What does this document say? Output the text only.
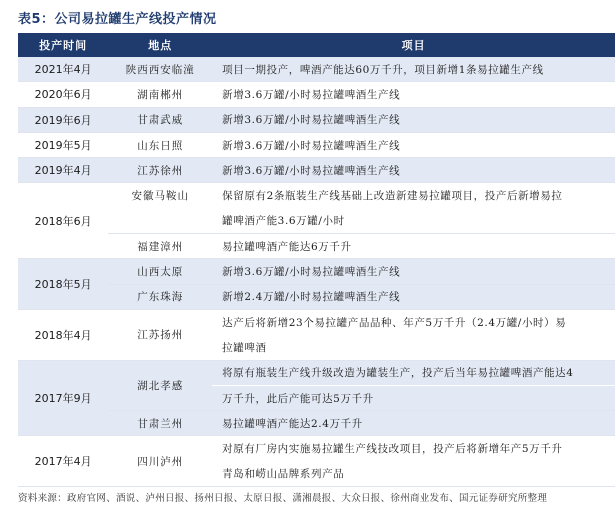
表5：公司易拉罐生产线投产情况
投产时间	地点	项目
2021年4月	陕西西安临潼	项目一期投产，啤酒产能达60万千升，项目新增1条易拉罐生产线
2020年6月	湖南郴州	新增3.6万罐/小时易拉罐啤酒生产线
2019年6月	甘肃武威	新增3.6万罐/小时易拉罐啤酒生产线
2019年5月	山东日照	新增3.6万罐/小时易拉罐啤酒生产线
2019年4月	江苏徐州	新增3.6万罐/小时易拉罐啤酒生产线
2018年6月	安徽马鞍山	保留原有2条瓶装生产线基础上改造新建易拉罐项目，投产后新增易拉
		罐啤酒产能3.6万罐/小时
	福建漳州	易拉罐啤酒产能达6万千升
2018年5月	山西太原	新增3.6万罐/小时易拉罐啤酒生产线
	广东珠海	新增2.4万罐/小时易拉罐啤酒生产线
2018年4月	江苏扬州	达产后将新增23个易拉罐产品品种、年产5万千升（2.4万罐/小时）易
		拉罐啤酒
2017年9月	湖北孝感	将原有瓶装生产线升级改造为罐装生产，投产后当年易拉罐啤酒产能达4
		万千升，此后产能可达5万千升
	甘肃兰州	易拉罐啤酒产能达2.4万千升
2017年4月	四川泸州	对原有厂房内实施易拉罐生产线技改项目，投产后将新增年产5万千升
		青岛和崂山品牌系列产品
资料来源：政府官网、酒说、泸州日报、扬州日报、太原日报、潇湘晨报、大众日报、徐州商业发布、国元证券研究所整理
